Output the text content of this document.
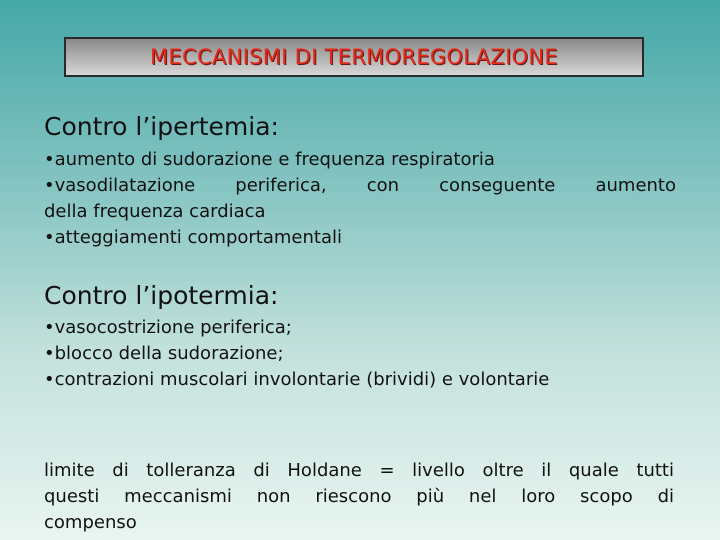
MECCANISMI DI TERMOREGOLAZIONE
Contro l’ipertemia:
•aumento di sudorazione e frequenza respiratoria
•vasodilatazione periferica, con conseguente aumento
della frequenza cardiaca
•atteggiamenti comportamentali
Contro l’ipotermia:
•vasocostrizione periferica;
•blocco della sudorazione;
•contrazioni muscolari involontarie (brividi) e volontarie
limite di tolleranza di Holdane = livello oltre il quale tutti
questi meccanismi non riescono più nel loro scopo di
compenso
